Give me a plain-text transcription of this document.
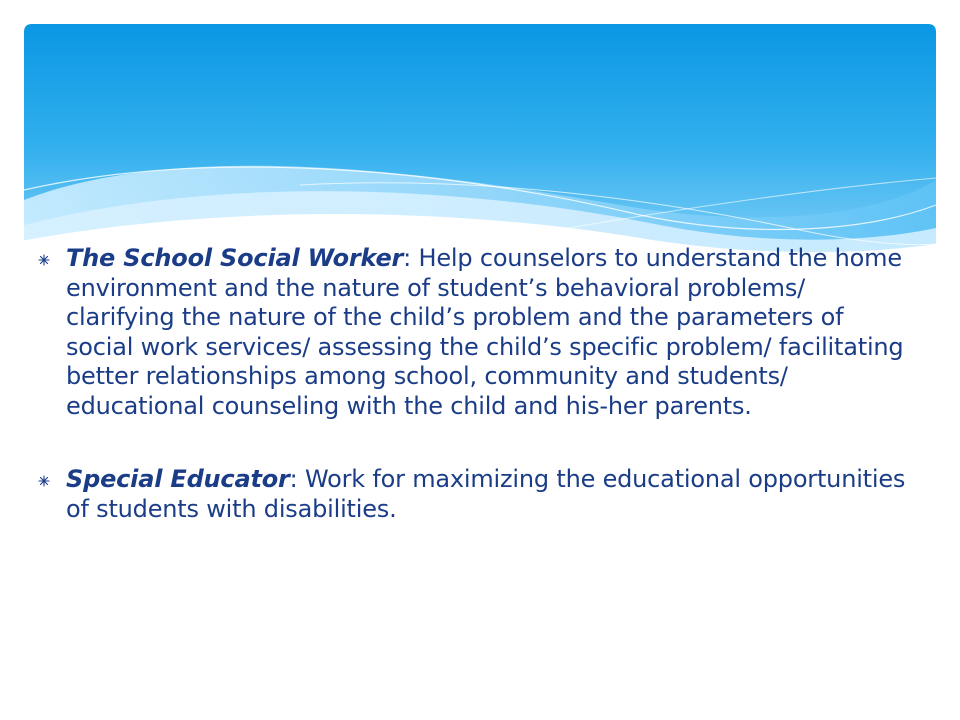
The School Social Worker: Help counselors to understand the home environment and the nature of student’s behavioral problems/ clarifying the nature of the child’s problem and the parameters of social work services/ assessing the child’s specific problem/ facilitating better relationships among school, community and students/ educational counseling with the child and his-her parents.
Special Educator: Work for maximizing the educational opportunities of students with disabilities.
